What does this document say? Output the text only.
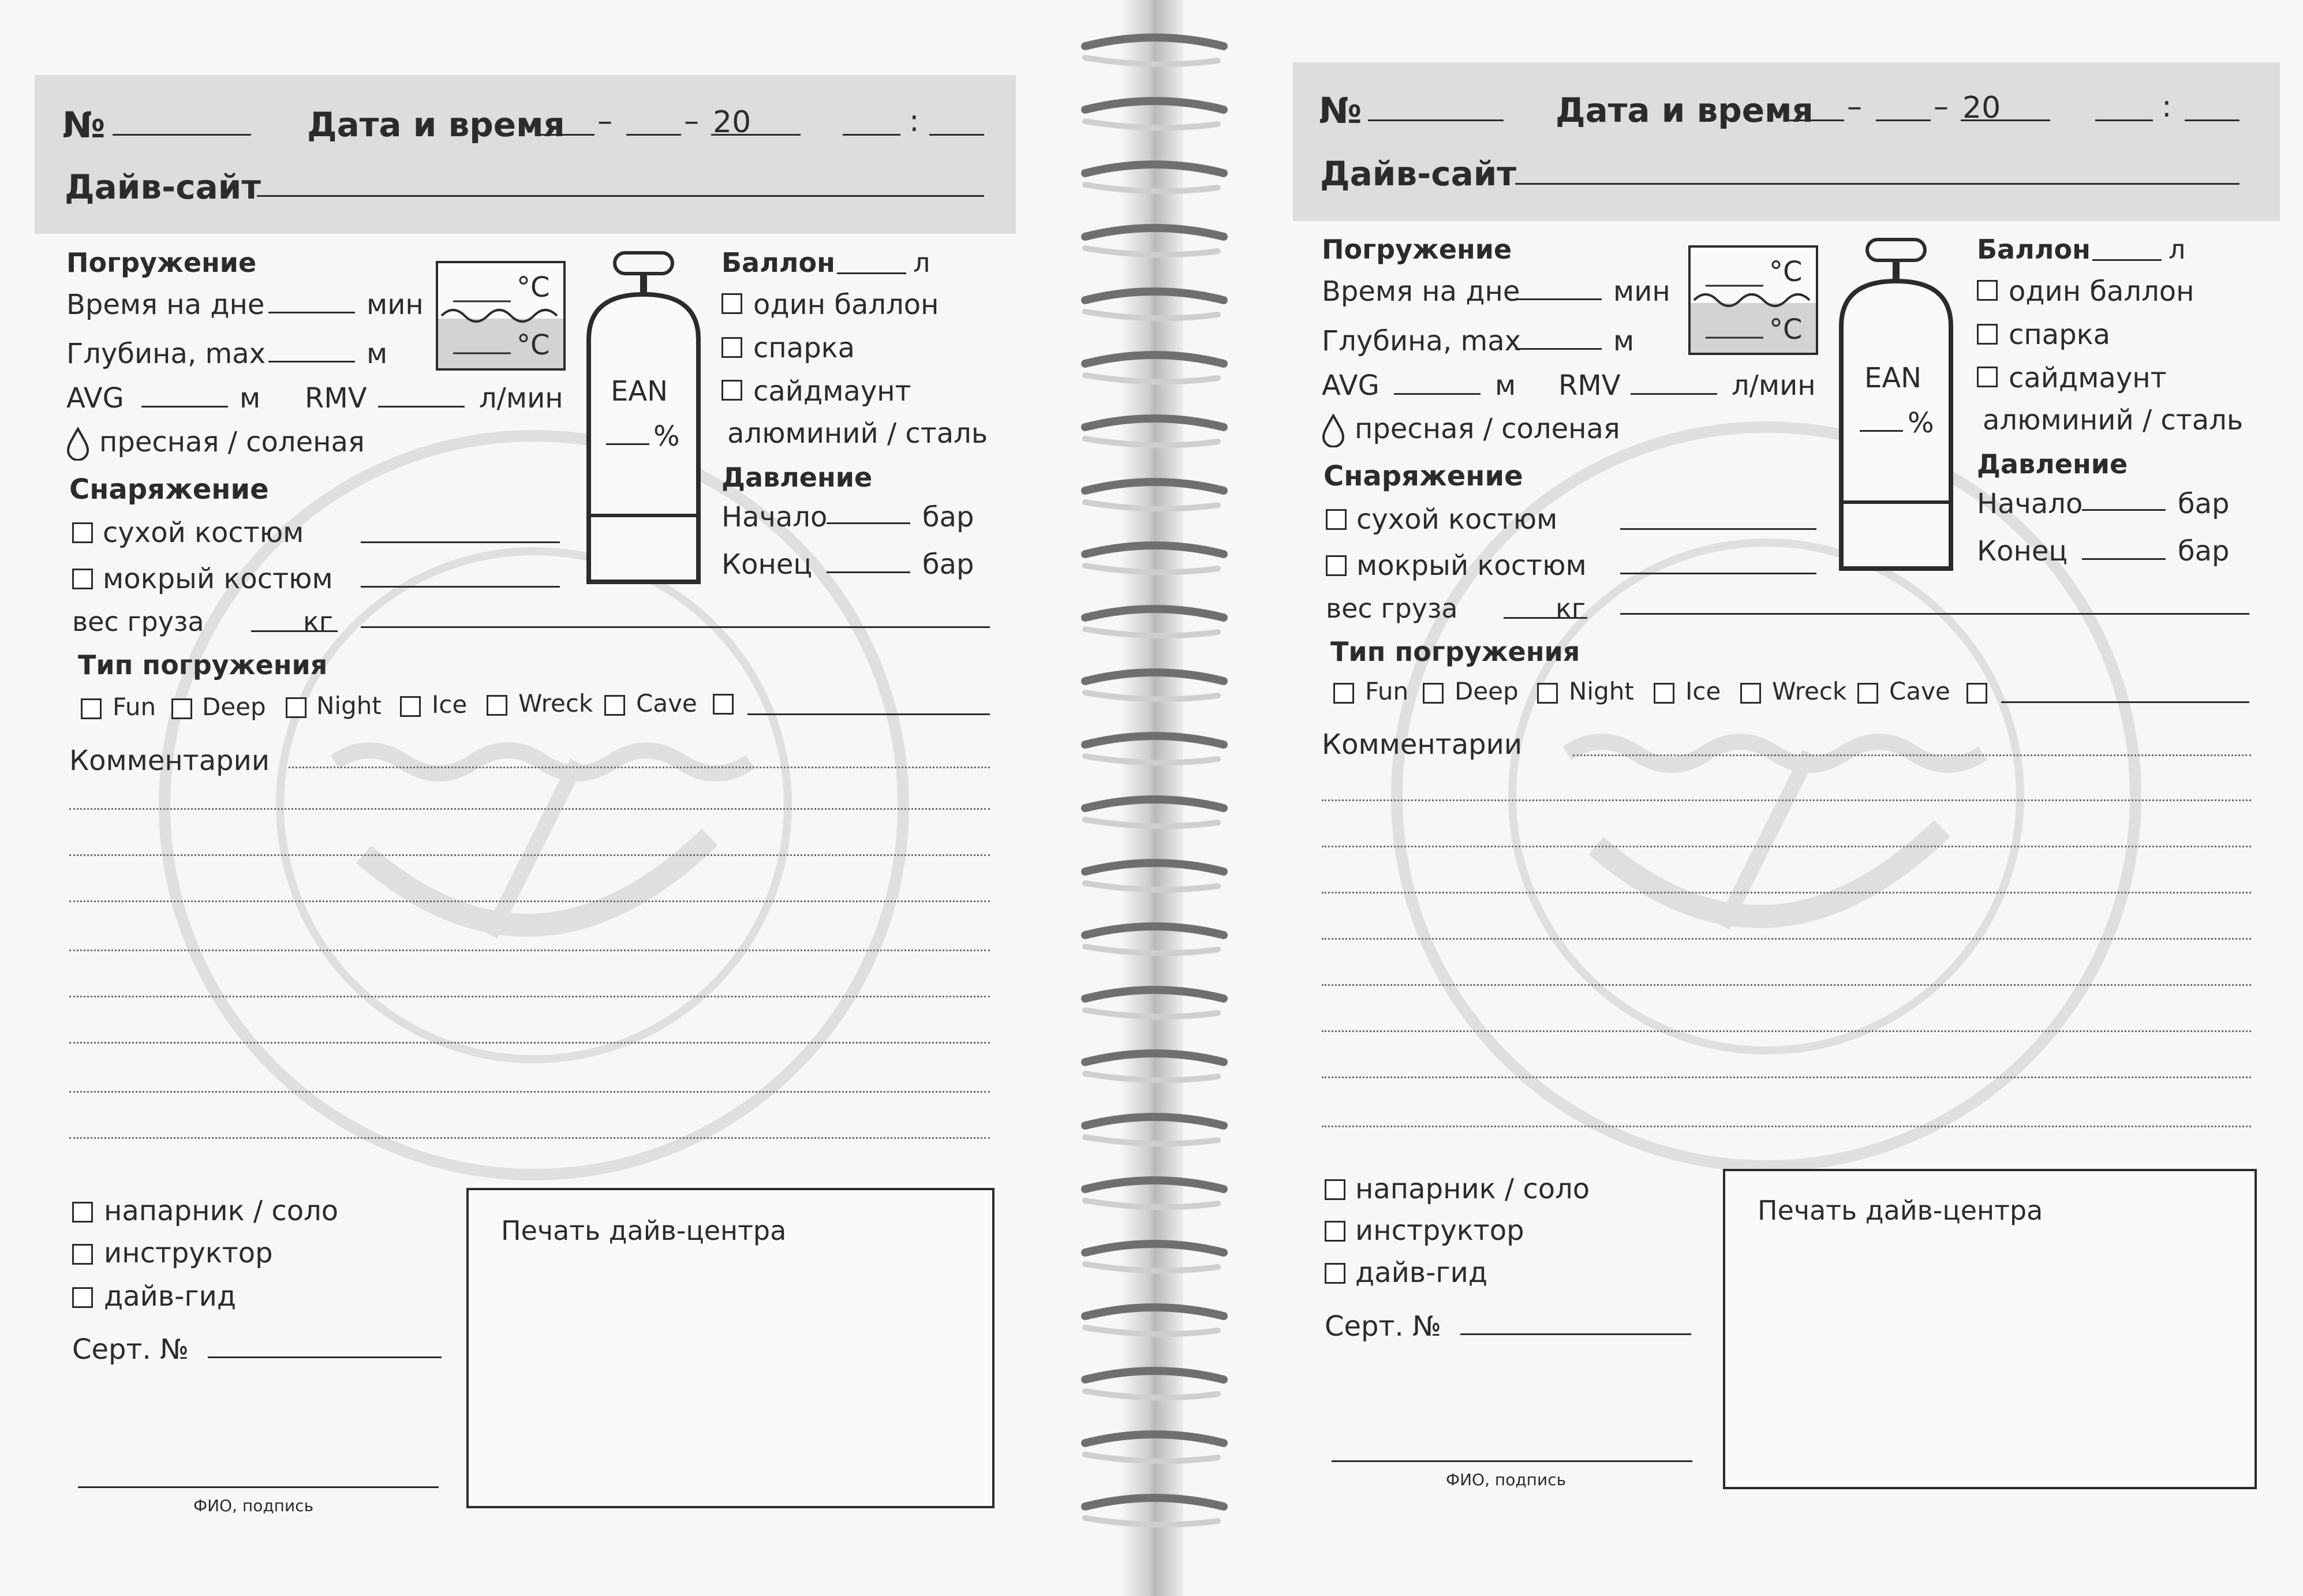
№	Дата и время – – 20	:
Дайв-сайт
Погружение
Время на дне	мин
Глубина, max	м
AVG	м RMV	л/мин
пресная / соленая
°C
°C
EAN
%
Баллон	л
один баллон
спарка
сайдмаунт
алюминий / сталь
Давление
Начало	бар
Конец	бар
Снаряжение
сухой костюм
мокрый костюм
вес груза	кг
Тип погружения
Fun Deep Night Ice Wreck Cave
Комментарии
напарник / соло
инструктор
дайв-гид
Серт. №
ФИО, подпись
Печать дайв-центра
№	Дата и время – – 20	:
Дайв-сайт
Погружение
Время на дне	мин
Глубина, max	м
AVG	м RMV	л/мин
пресная / соленая
°C
°C
EAN
%
Баллон	л
один баллон
спарка
сайдмаунт
алюминий / сталь
Давление
Начало	бар
Конец	бар
Снаряжение
сухой костюм
мокрый костюм
вес груза	кг
Тип погружения
Fun Deep Night Ice Wreck Cave
Комментарии
напарник / соло
инструктор
дайв-гид
Серт. №
ФИО, подпись
Печать дайв-центра
